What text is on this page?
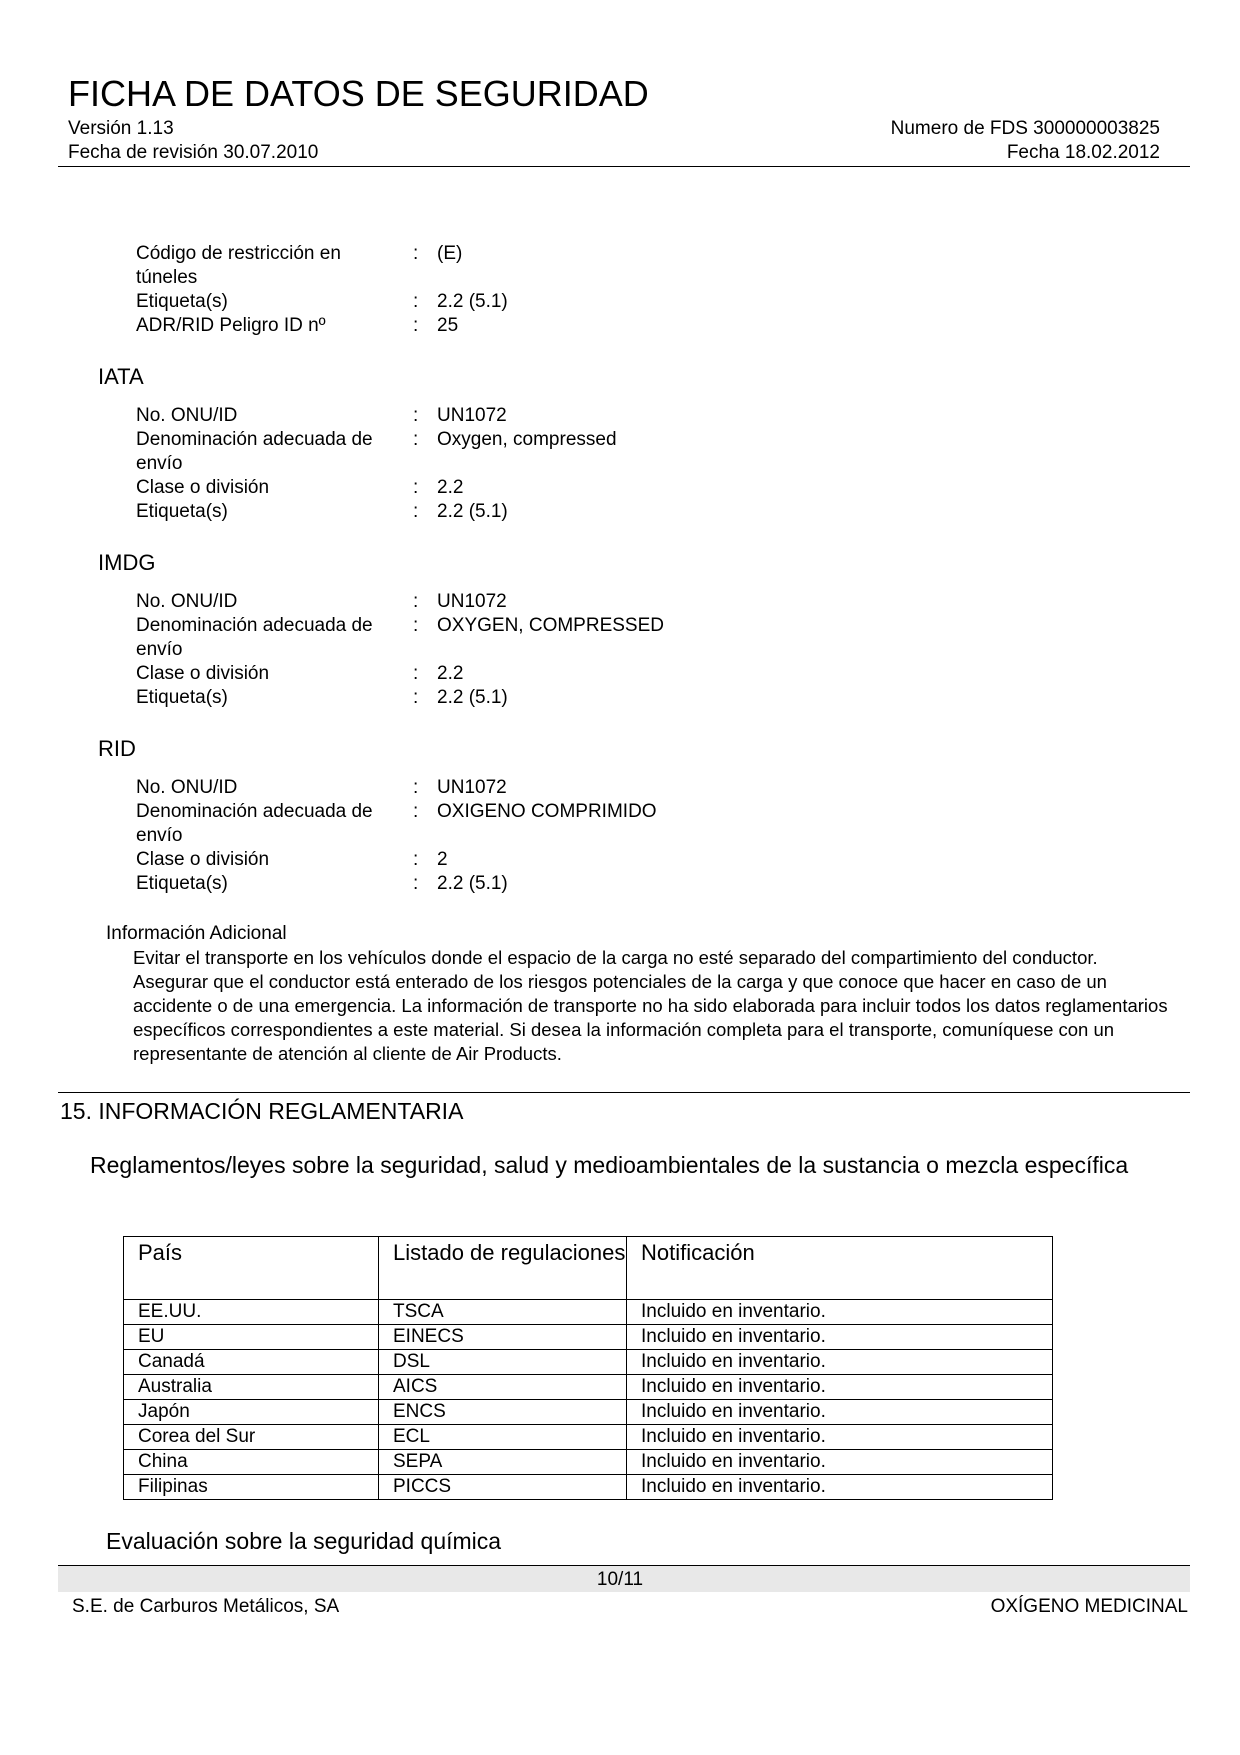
FICHA DE DATOS DE SEGURIDAD
Versión 1.13	Numero de FDS 300000003825
Fecha de revisión 30.07.2010	Fecha 18.02.2012
Código de restricción en túneles
: (E)
Etiqueta(s)	: 2.2 (5.1)
ADR/RID Peligro ID nº	: 25
IATA
No. ONU/ID	: UN1072
Denominación adecuada de envío
: Oxygen, compressed
Clase o división	: 2.2
Etiqueta(s)	: 2.2 (5.1)
IMDG
No. ONU/ID	: UN1072
Denominación adecuada de envío
: OXYGEN, COMPRESSED
Clase o división	: 2.2
Etiqueta(s)	: 2.2 (5.1)
RID
No. ONU/ID	: UN1072
Denominación adecuada de envío
: OXIGENO COMPRIMIDO
Clase o división	: 2
Etiqueta(s)	: 2.2 (5.1)
Información Adicional
Evitar el transporte en los vehículos donde el espacio de la carga no esté separado del compartimiento del conductor. Asegurar que el conductor está enterado de los riesgos potenciales de la carga y que conoce que hacer en caso de un accidente o de una emergencia. La información de transporte no ha sido elaborada para incluir todos los datos reglamentarios específicos correspondientes a este material. Si desea la información completa para el transporte, comuníquese con un representante de atención al cliente de Air Products.
15. INFORMACIÓN REGLAMENTARIA
Reglamentos/leyes sobre la seguridad, salud y medioambientales de la sustancia o mezcla específica
País	Listado de regulaciones	Notificación
EE.UU.	TSCA	Incluido en inventario.
EU	EINECS	Incluido en inventario.
Canadá	DSL	Incluido en inventario.
Australia	AICS	Incluido en inventario.
Japón	ENCS	Incluido en inventario.
Corea del Sur	ECL	Incluido en inventario.
China	SEPA	Incluido en inventario.
Filipinas	PICCS	Incluido en inventario.
Evaluación sobre la seguridad química
10/11
S.E. de Carburos Metálicos, SA	OXÍGENO MEDICINAL
